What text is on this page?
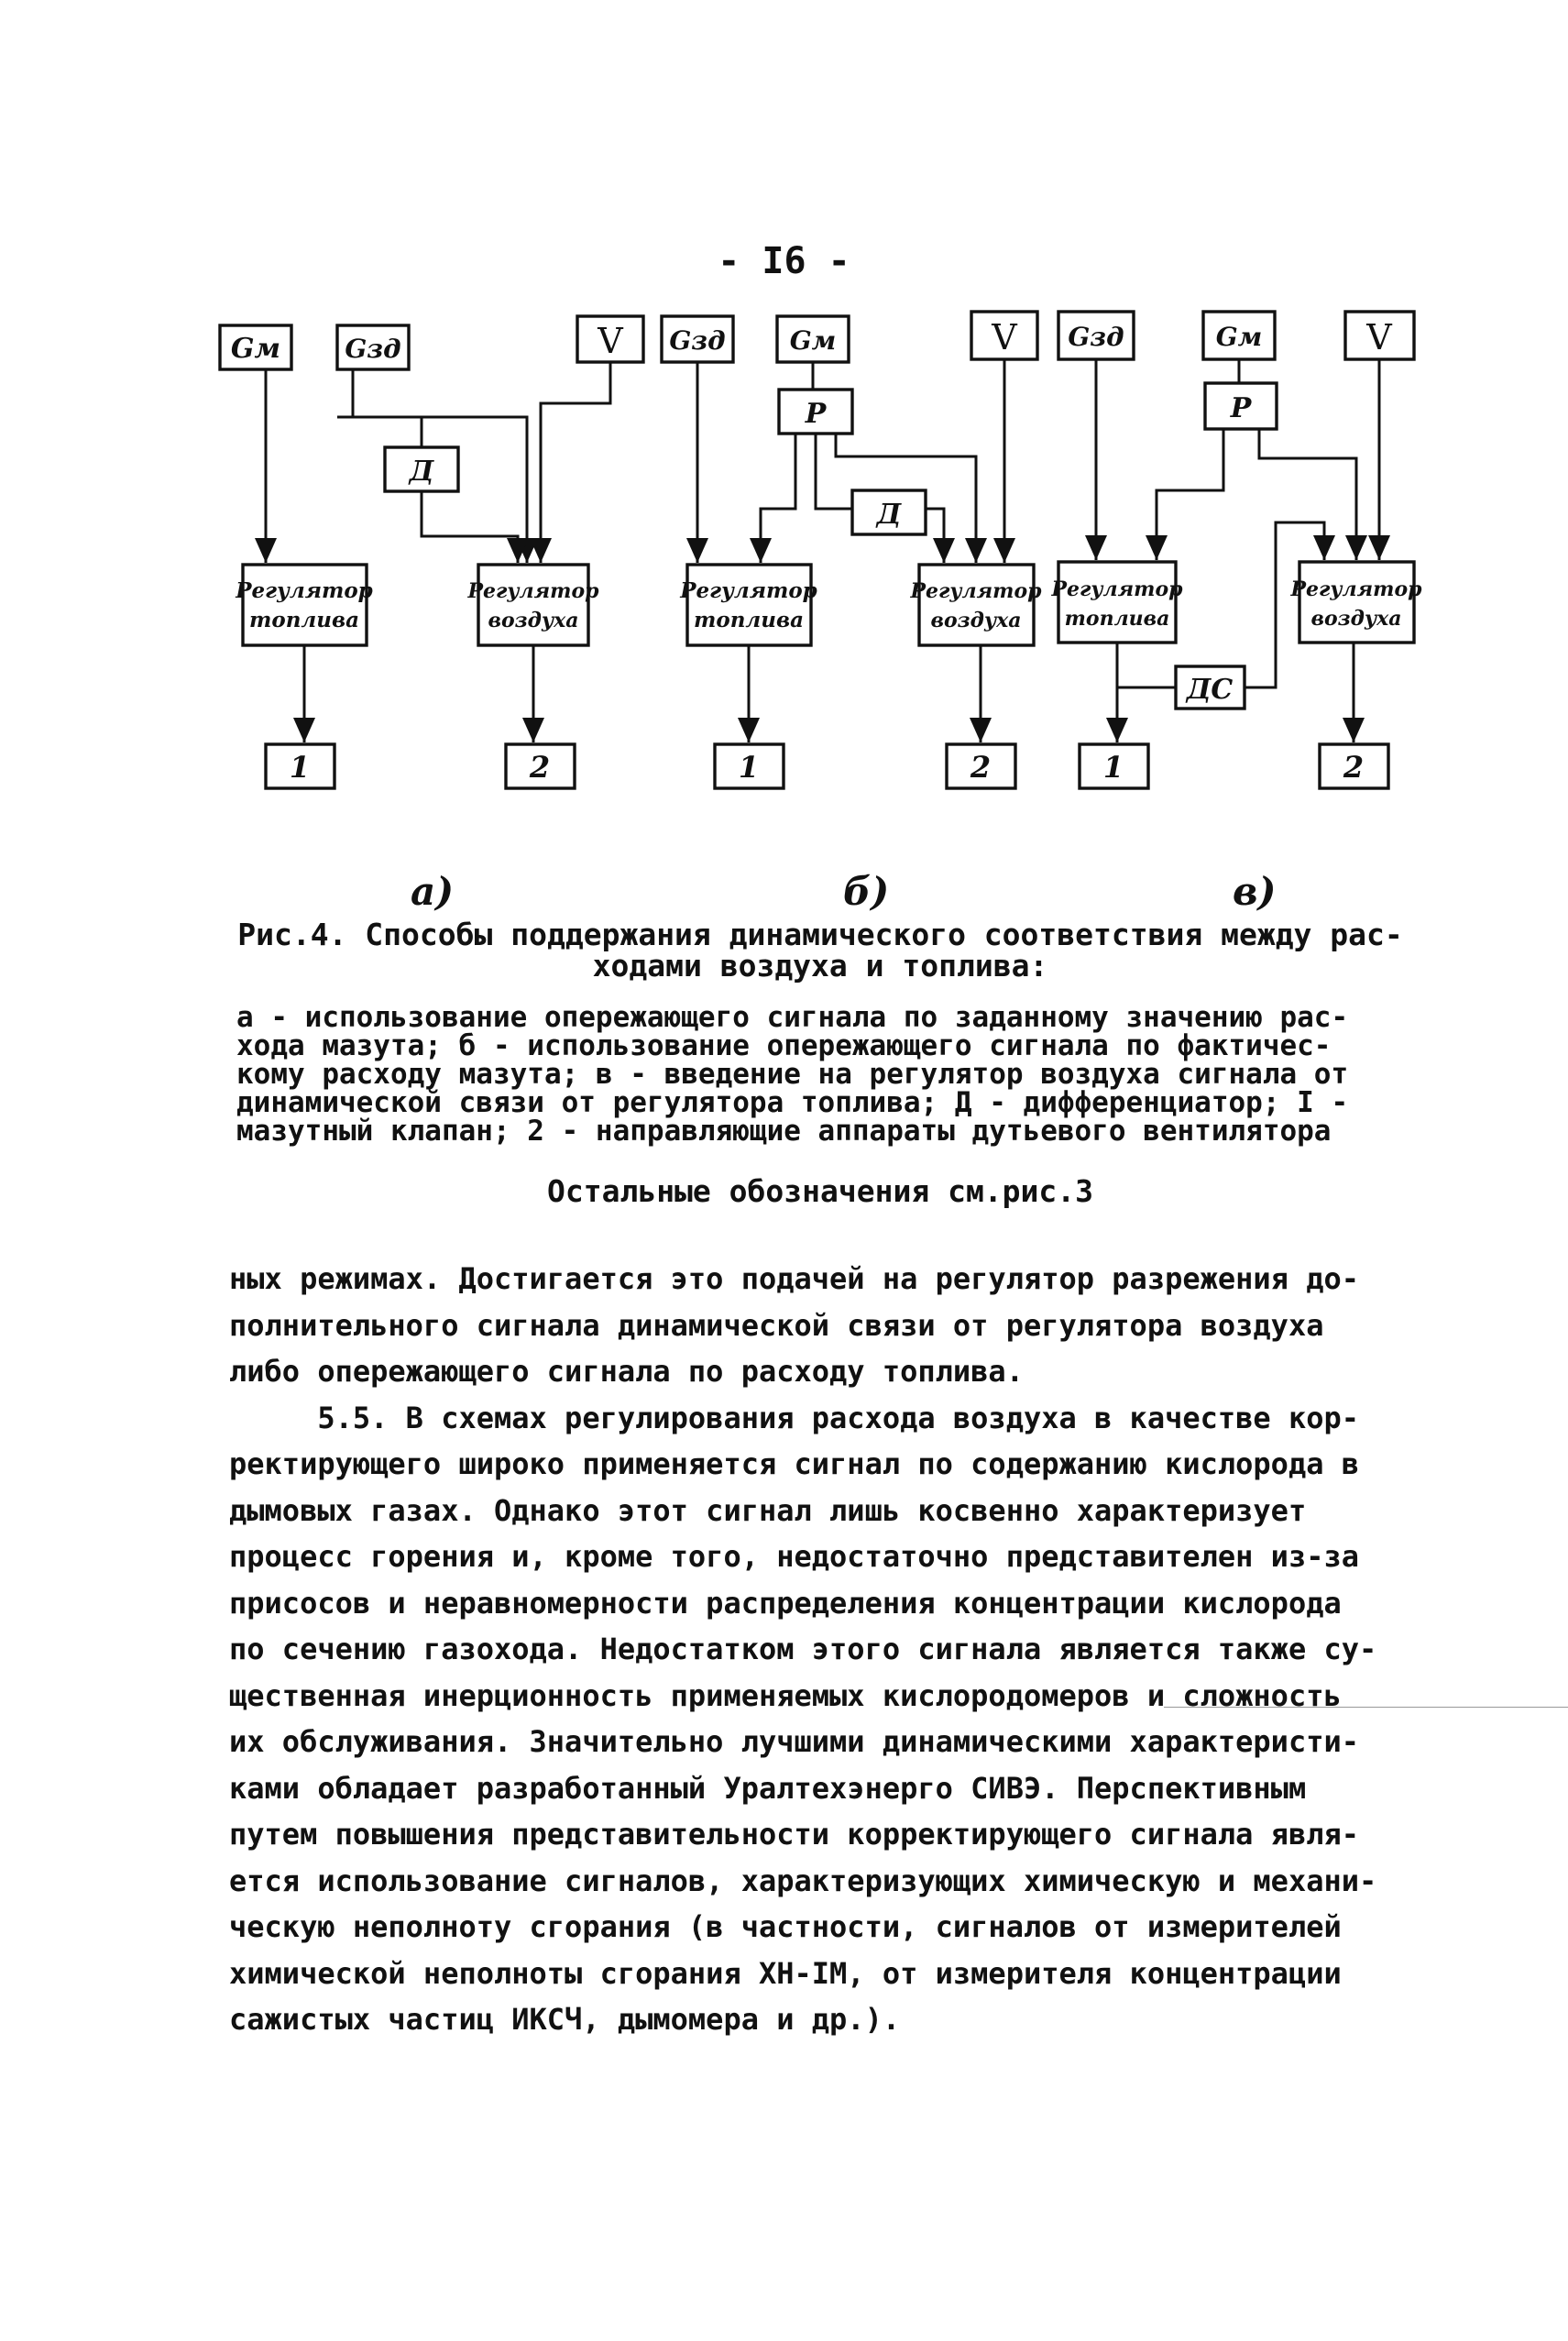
- I6 -
Gм	Gзд	V
Д
Регулятор
топлива
Регулятор
воздуха
1	2
Gзд	Gм	V
Р
Д
Регулятор
топлива
Регулятор
воздуха
1	2
Gзд	Gм	V
Р
Регулятор
топлива
Регулятор
воздуха
ДС
1	2
а)	б)	в)
Рис.4. Способы поддержания динамического соответствия между рас-
ходами воздуха и топлива:
а - использование опережающего сигнала по заданному значению рас-
хода мазута; б - использование опережающего сигнала по фактичес-
кому расходу мазута; в - введение на регулятор воздуха сигнала от
динамической связи от регулятора топлива; Д - дифференциатор; I -
мазутный клапан; 2 - направляющие аппараты дутьевого вентилятора
Остальные обозначения см.рис.3
ных режимах. Достигается это подачей на регулятор разрежения до-
полнительного сигнала динамической связи от регулятора воздуха
либо опережающего сигнала по расходу топлива.
5.5. В схемах регулирования расхода воздуха в качестве кор-
ректирующего широко применяется сигнал по содержанию кислорода в
дымовых газах. Однако этот сигнал лишь косвенно характеризует
процесс горения и, кроме того, недостаточно представителен из-за
присосов и неравномерности распределения концентрации кислорода
по сечению газохода. Недостатком этого сигнала является также су-
щественная инерционность применяемых кислородомеров и сложность
их обслуживания. Значительно лучшими динамическими характеристи-
ками обладает разработанный Уралтехэнерго СИВЭ. Перспективным
путем повышения представительности корректирующего сигнала явля-
ется использование сигналов, характеризующих химическую и механи-
ческую неполноту сгорания (в частности, сигналов от измерителей
химической неполноты сгорания ХН-IМ, от измерителя концентрации
сажистых частиц ИКСЧ, дымомера и др.).
